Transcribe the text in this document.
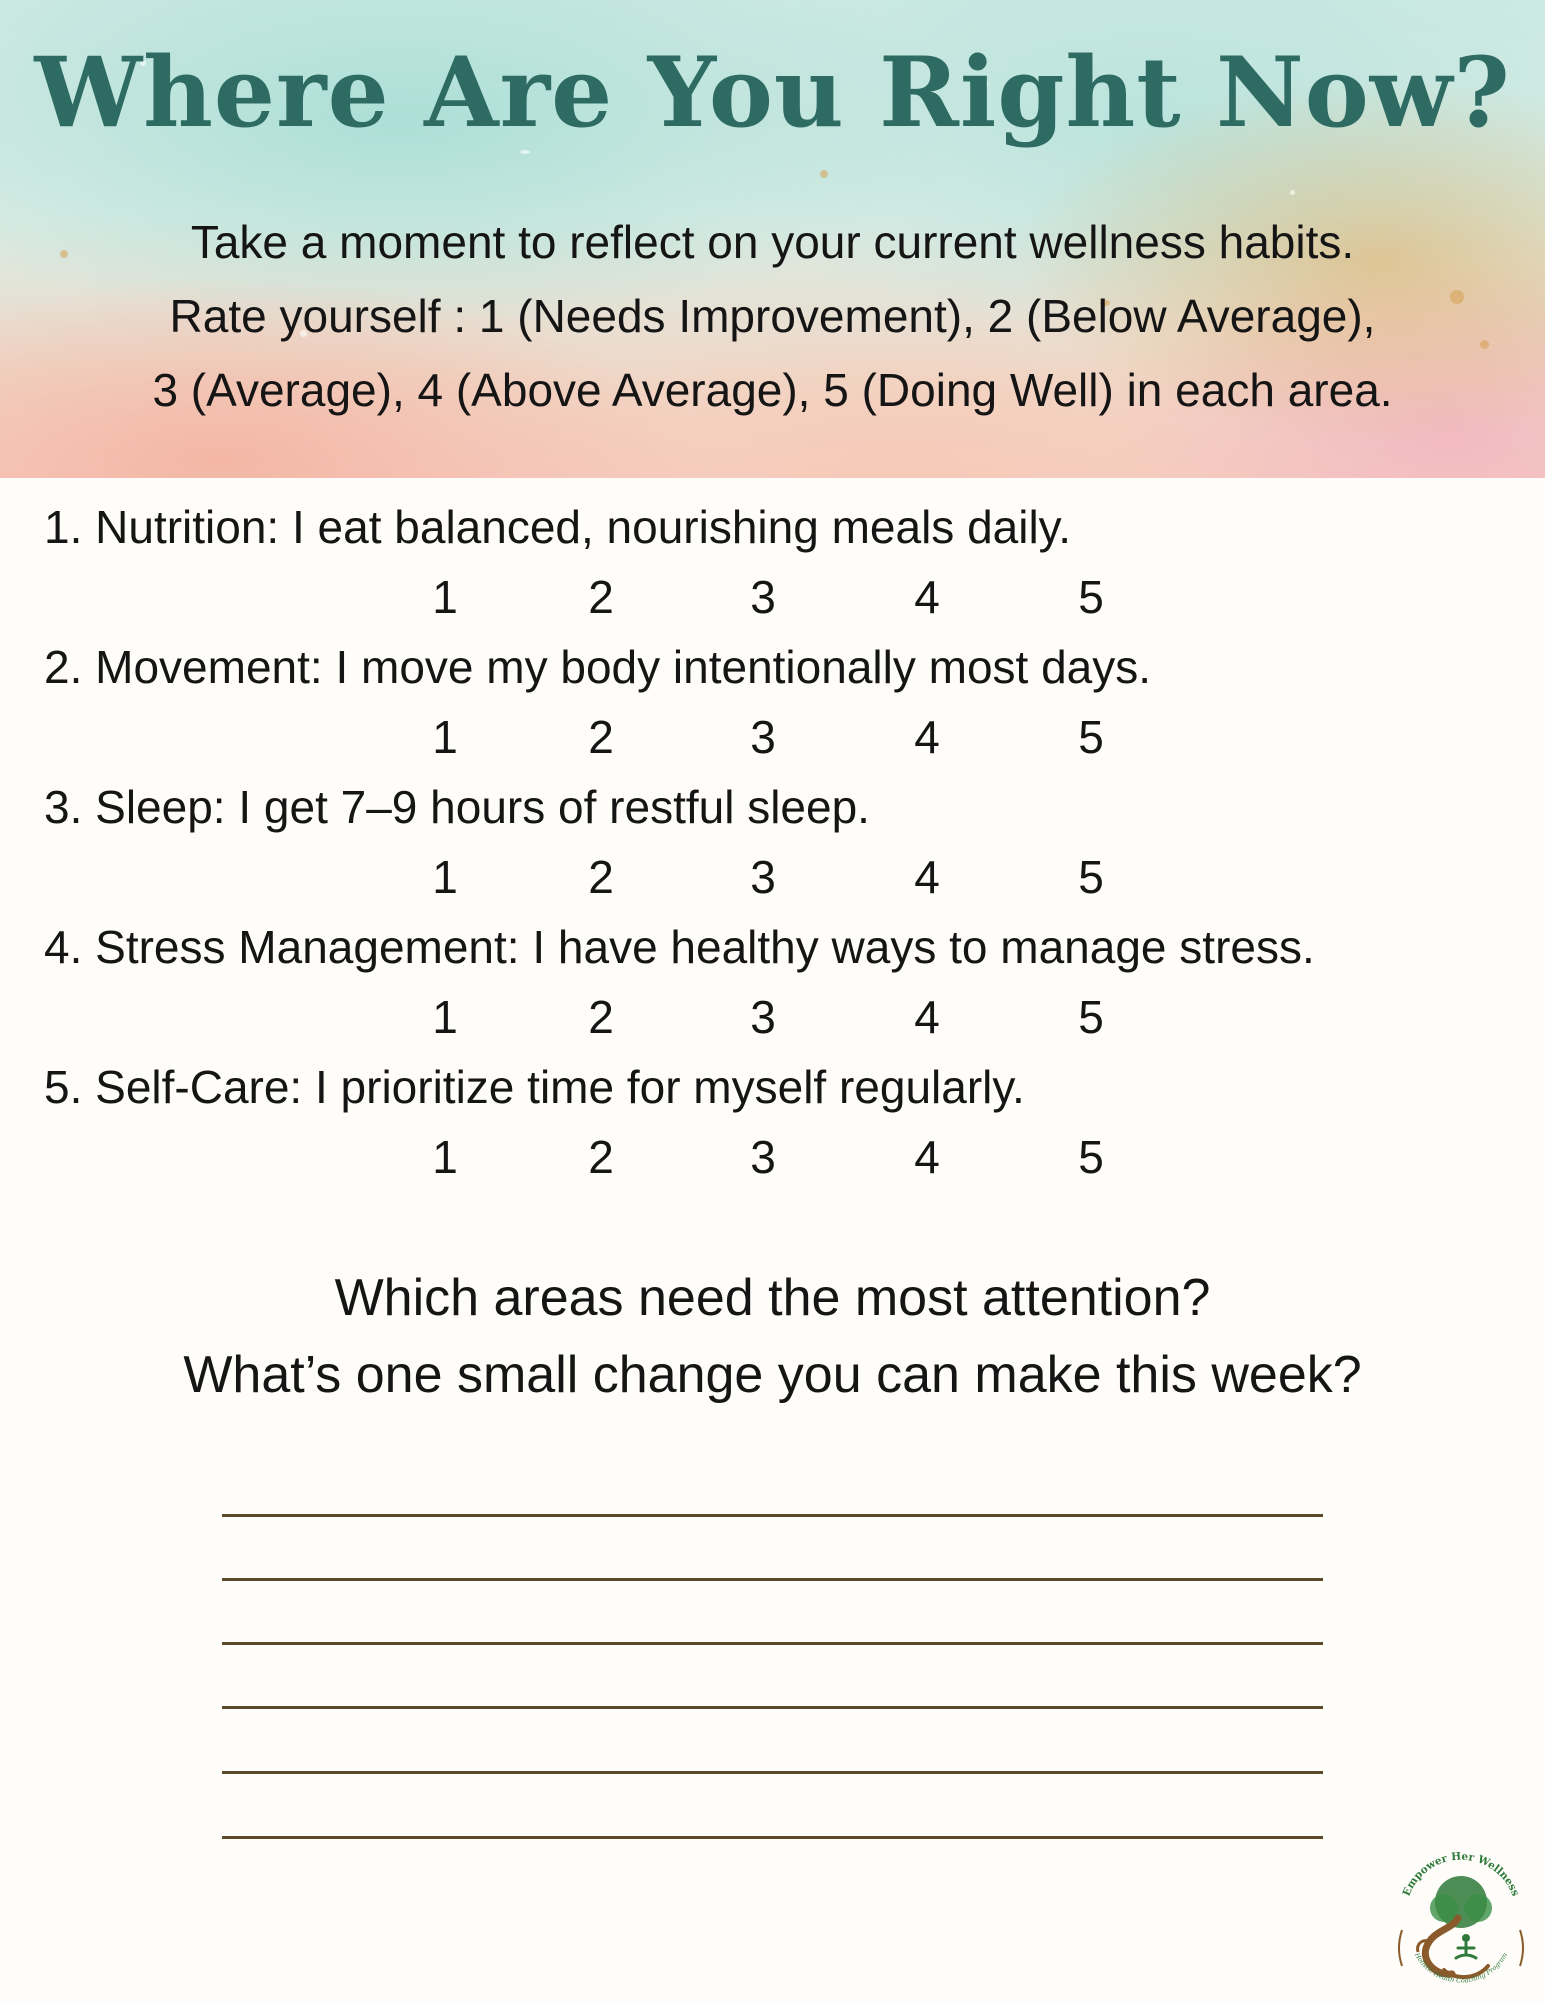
Where Are You Right Now?
Take a moment to reflect on your current wellness habits.
Rate yourself : 1 (Needs Improvement), 2 (Below Average),
3 (Average), 4 (Above Average), 5 (Doing Well) in each area.
1. Nutrition: I eat balanced, nourishing meals daily.
1	2	3	4	5
2. Movement: I move my body intentionally most days.
1	2	3	4	5
3. Sleep: I get 7–9 hours of restful sleep.
1	2	3	4	5
4. Stress Management: I have healthy ways to manage stress.
1	2	3	4	5
5. Self-Care: I prioritize time for myself regularly.
1	2	3	4	5
Which areas need the most attention?
What’s one small change you can make this week?
Empower Her Wellness
Holistic Health Coaching Program
